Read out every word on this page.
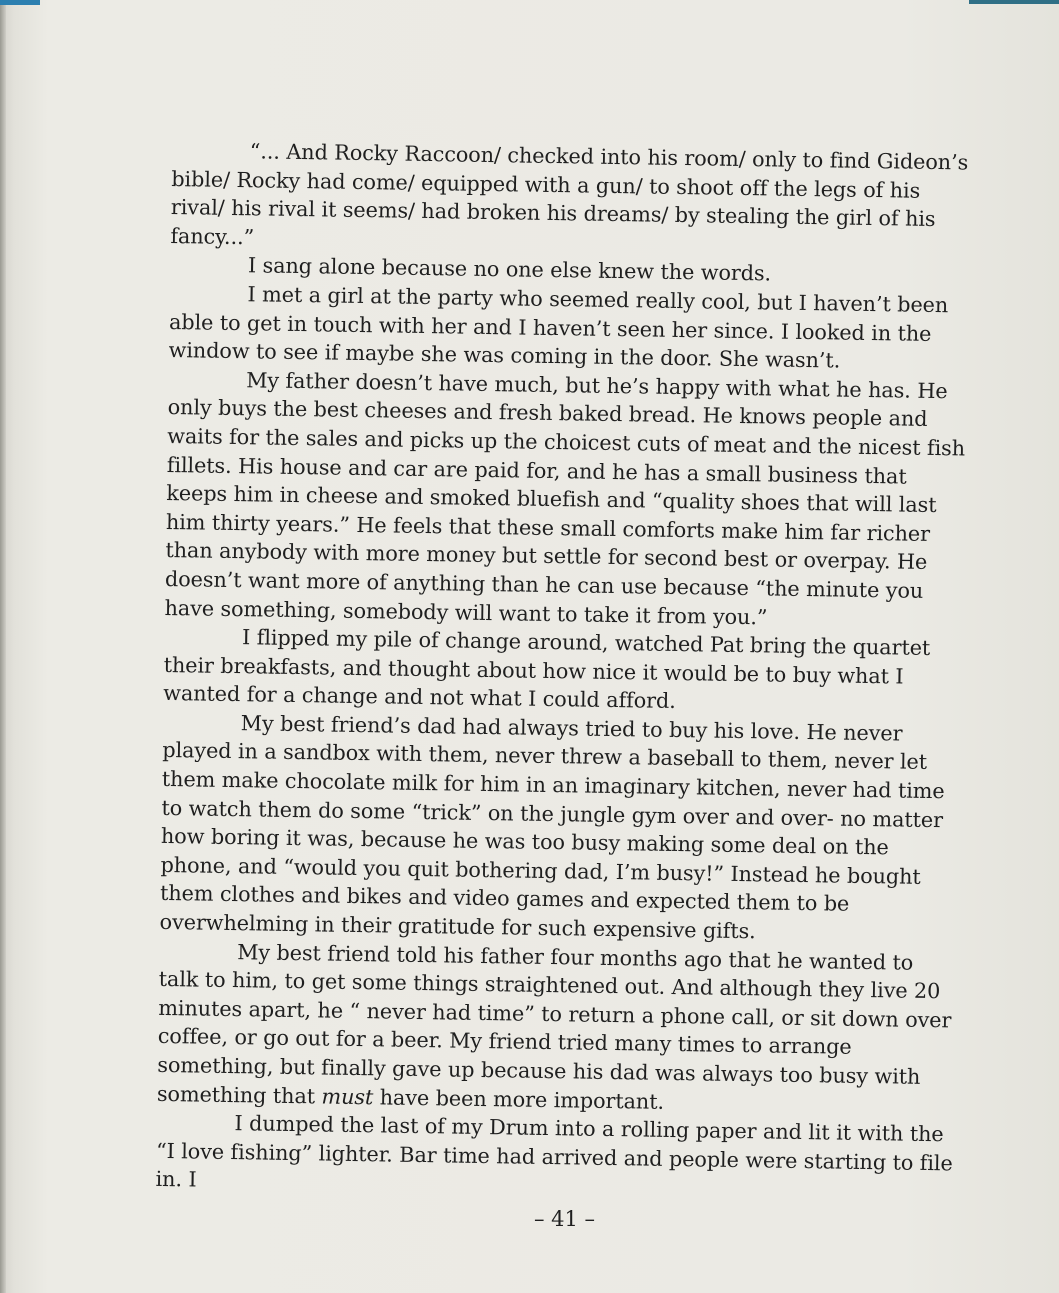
“... And Rocky Raccoon/ checked into his room/ only to find Gideon’s bible/ Rocky had come/ equipped with a gun/ to shoot off the legs of his rival/ his rival it seems/ had broken his dreams/ by stealing the girl of his fancy...”

I sang alone because no one else knew the words.

I met a girl at the party who seemed really cool, but I haven’t been able to get in touch with her and I haven’t seen her since. I looked in the window to see if maybe she was coming in the door. She wasn’t.

My father doesn’t have much, but he’s happy with what he has. He only buys the best cheeses and fresh baked bread. He knows people and waits for the sales and picks up the choicest cuts of meat and the nicest fish fillets. His house and car are paid for, and he has a small business that keeps him in cheese and smoked bluefish and “quality shoes that will last him thirty years.” He feels that these small comforts make him far richer than anybody with more money but settle for second best or overpay. He doesn’t want more of anything than he can use because “the minute you have something, somebody will want to take it from you.”

I flipped my pile of change around, watched Pat bring the quartet their breakfasts, and thought about how nice it would be to buy what I wanted for a change and not what I could afford.

My best friend’s dad had always tried to buy his love. He never played in a sandbox with them, never threw a baseball to them, never let them make chocolate milk for him in an imaginary kitchen, never had time to watch them do some “trick” on the jungle gym over and over- no matter how boring it was, because he was too busy making some deal on the phone, and “would you quit bothering dad, I’m busy!” Instead he bought them clothes and bikes and video games and expected them to be overwhelming in their gratitude for such expensive gifts.

My best friend told his father four months ago that he wanted to talk to him, to get some things straightened out. And although they live 20 minutes apart, he “ never had time” to return a phone call, or sit down over coffee, or go out for a beer. My friend tried many times to arrange something, but finally gave up because his dad was always too busy with something that must have been more important.

I dumped the last of my Drum into a rolling paper and lit it with the “I love fishing” lighter. Bar time had arrived and people were starting to file in. I

– 41 –
